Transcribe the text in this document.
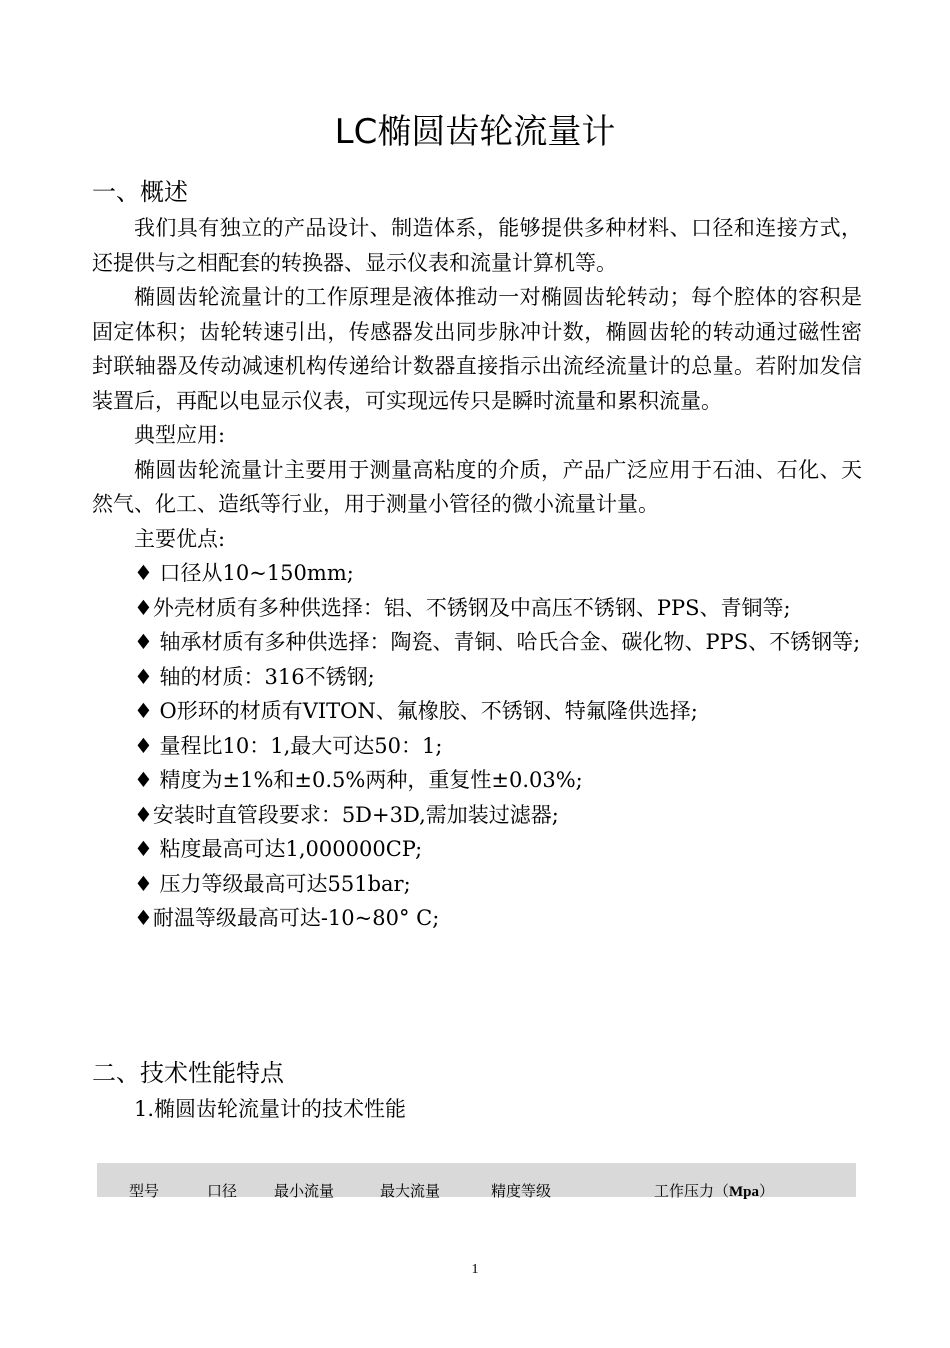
LC椭圆齿轮流量计
一、概述

我们具有独立的产品设计、制造体系，能够提供多种材料、口径和连接方式，还提供与之相配套的转换器、显示仪表和流量计算机等。

椭圆齿轮流量计的工作原理是液体推动一对椭圆齿轮转动；每个腔体的容积是固定体积；齿轮转速引出，传感器发出同步脉冲计数，椭圆齿轮的转动通过磁性密封联轴器及传动减速机构传递给计数器直接指示出流经流量计的总量。若附加发信装置后，再配以电显示仪表，可实现远传只是瞬时流量和累积流量。

典型应用:

椭圆齿轮流量计主要用于测量高粘度的介质，产品广泛应用于石油、石化、天然气、化工、造纸等行业，用于测量小管径的微小流量计量。

主要优点:

♦ 口径从10~150mm;

♦外壳材质有多种供选择：铝、不锈钢及中高压不锈钢、PPS、青铜等;

♦ 轴承材质有多种供选择：陶瓷、青铜、哈氏合金、碳化物、PPS、不锈钢等;

♦ 轴的材质：316不锈钢;

♦ O形环的材质有VITON、氟橡胶、不锈钢、特氟隆供选择;

♦ 量程比10：1,最大可达50：1;

♦ 精度为±1%和±0.5%两种，重复性±0.03%;

♦安装时直管段要求：5D+3D,需加装过滤器;

♦ 粘度最高可达1,000000CP;

♦ 压力等级最高可达551bar;

♦耐温等级最高可达-10~80° C;

二、技术性能特点

1.椭圆齿轮流量计的技术性能

型号	口径 最小流量	最大流量	精度等级	工作压力（Mpa）
1
